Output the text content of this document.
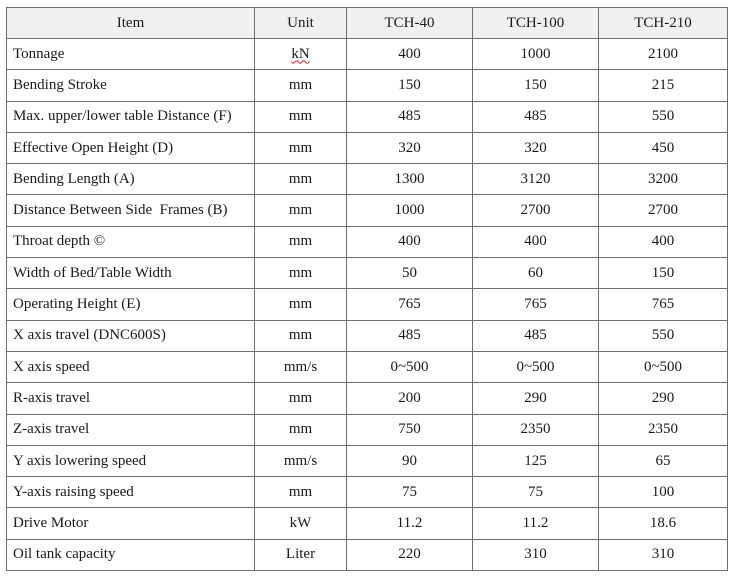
Item	Unit	TCH-40	TCH-100	TCH-210
Tonnage	kN	400	1000	2100
Bending Stroke	mm	150	150	215
Max. upper/lower table Distance (F)	mm	485	485	550
Effective Open Height (D)	mm	320	320	450
Bending Length (A)	mm	1300	3120	3200
Distance Between Side  Frames (B)	mm	1000	2700	2700
Throat depth ©	mm	400	400	400
Width of Bed/Table Width	mm	50	60	150
Operating Height (E)	mm	765	765	765
X axis travel (DNC600S)	mm	485	485	550
X axis speed	mm/s	0~500	0~500	0~500
R-axis travel	mm	200	290	290
Z-axis travel	mm	750	2350	2350
Y axis lowering speed	mm/s	90	125	65
Y-axis raising speed	mm	75	75	100
Drive Motor	kW	11.2	11.2	18.6
Oil tank capacity	Liter	220	310	310
